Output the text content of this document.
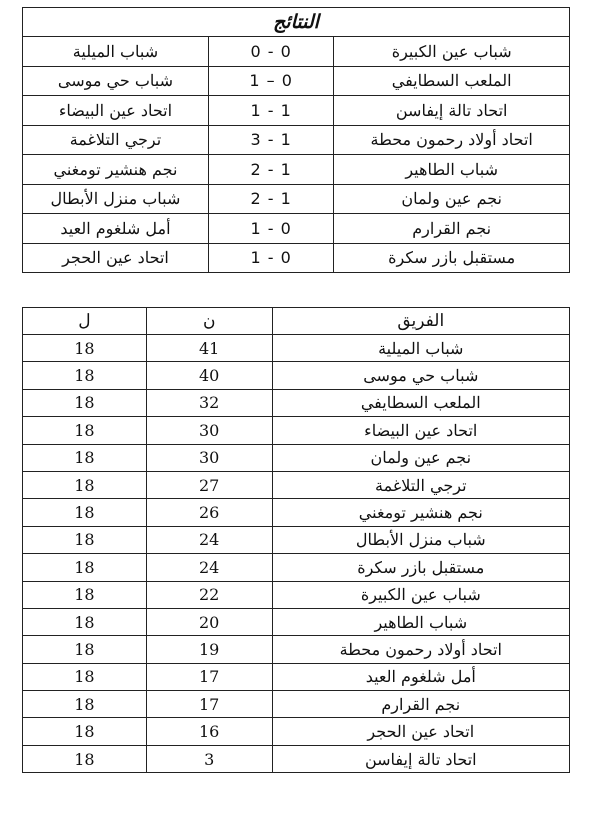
النتائج		
شباب الميلية	0 - 0	شباب عين الكبيرة
شباب حي موسى	1 – 0	الملعب السطايفي
اتحاد عين البيضاء	1 - 1	اتحاد تالة إيفاسن
ترجي التلاغمة	3 - 1	اتحاد أولاد رحمون محطة
نجم هنشير تومغني	2 - 1	شباب الطاهير
شباب منزل الأبطال	2 - 1	نجم عين ولمان
أمل شلغوم العيد	1 - 0	نجم القرارم
اتحاد عين الحجر	1 - 0	مستقبل بازر سكرة
ل	ن	الفريق
18	41	شباب الميلية
18	40	شباب حي موسى
18	32	الملعب السطايفي
18	30	اتحاد عين البيضاء
18	30	نجم عين ولمان
18	27	ترجي التلاغمة
18	26	نجم هنشير تومغني
18	24	شباب منزل الأبطال
18	24	مستقبل بازر سكرة
18	22	شباب عين الكبيرة
18	20	شباب الطاهير
18	19	اتحاد أولاد رحمون محطة
18	17	أمل شلغوم العيد
18	17	نجم القرارم
18	16	اتحاد عين الحجر
18	3	اتحاد تالة إيفاسن
